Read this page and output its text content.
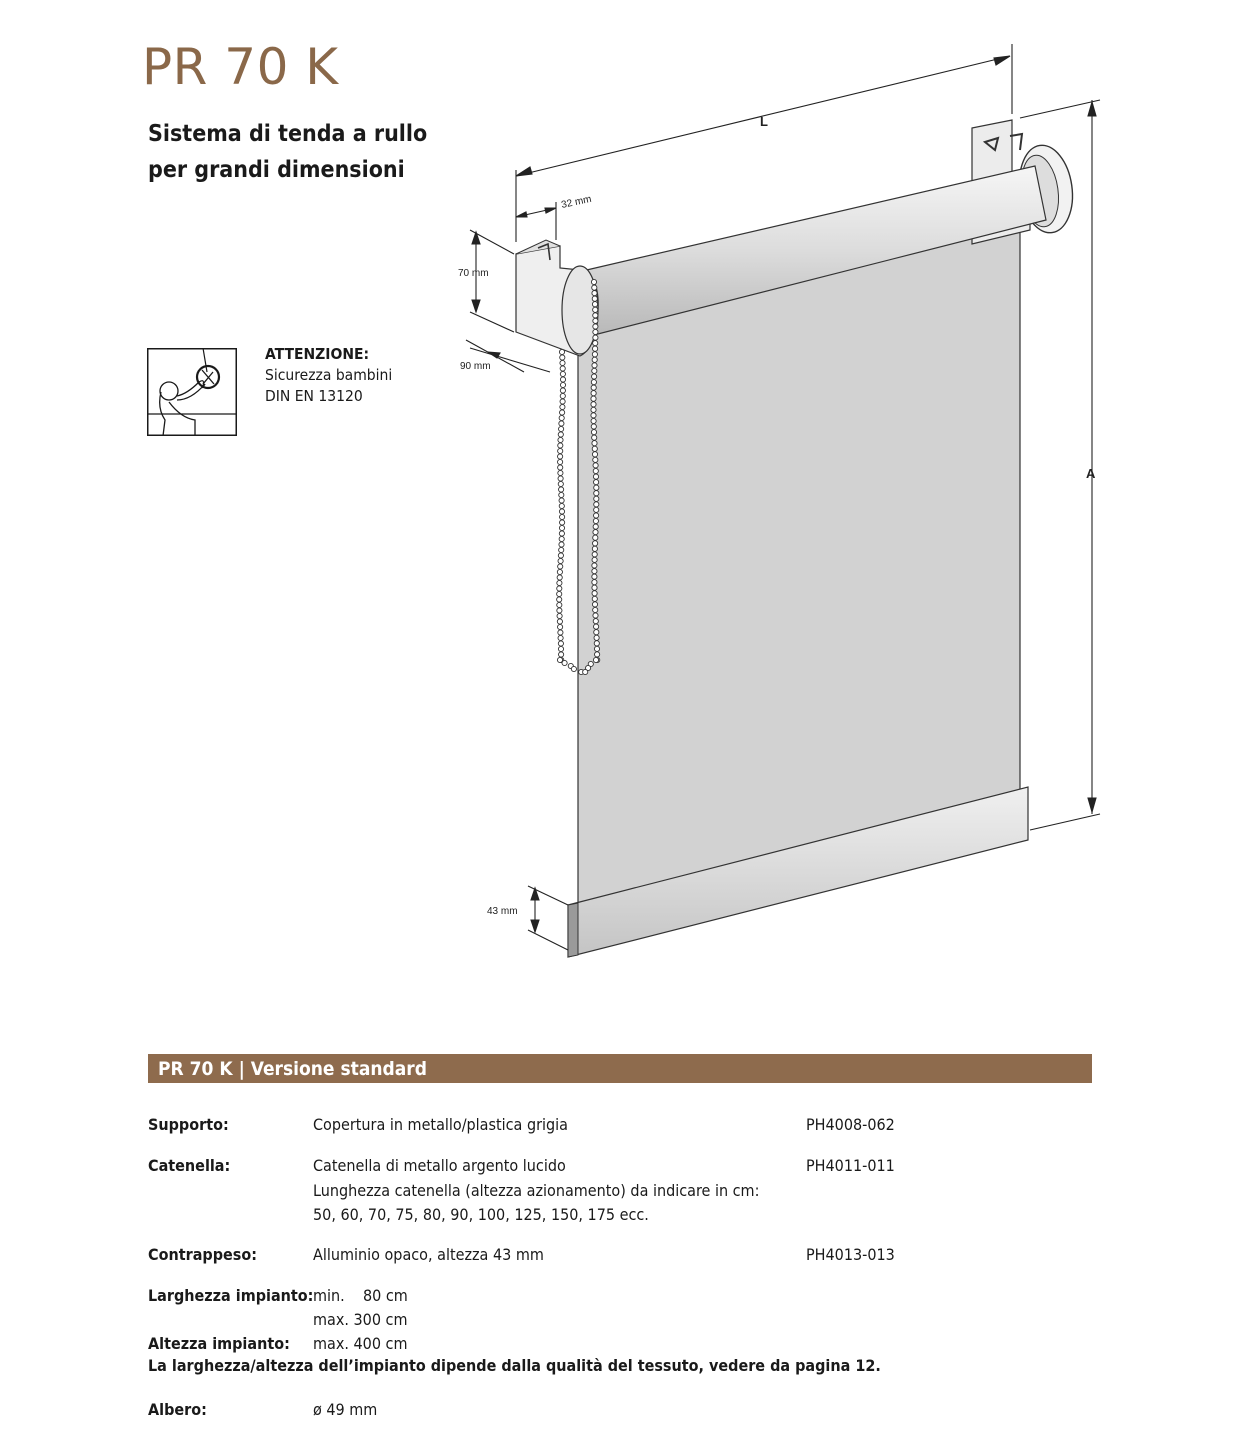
PR 70 K
Sistema di tenda a rullo
per grandi dimensioni
ATTENZIONE:
Sicurezza bambini
DIN EN 13120
L
A
32 mm
70 mm
90 mm
43 mm
PR 70 K | Versione standard
Supporto:	Copertura in metallo/plastica grigia	PH4008-062
Catenella:	Catenella di metallo argento lucido	PH4011-011
Lunghezza catenella (altezza azionamento) da indicare in cm:
50, 60, 70, 75, 80, 90, 100, 125, 150, 175 ecc.
Contrappeso:	Alluminio opaco, altezza 43 mm	PH4013-013
Larghezza impianto: min.    80 cm
max. 300 cm
Altezza impianto: max. 400 cm
La larghezza/altezza dell’impianto dipende dalla qualità del tessuto, vedere da pagina 12.
Albero:	ø 49 mm
